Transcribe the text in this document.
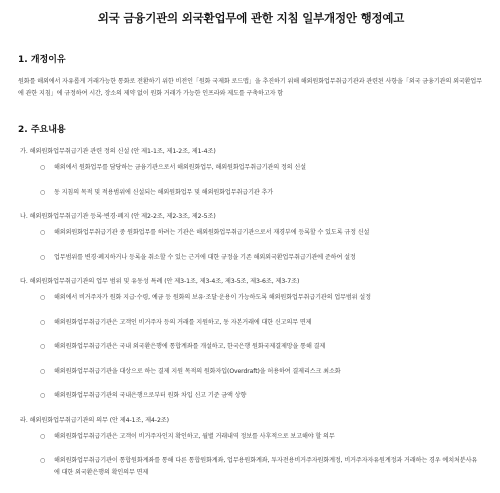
외국 금융기관의 외국환업무에 관한 지침 일부개정안 행정예고
1. 개정이유
원화를 해외에서 자유롭게 거래가능한 통화로 전환하기 위한 비전인「원화 국제화 로드맵」을 추진하기 위해 해외원화업무취급기관과 관련된 사항을「외국 금융기관의 외국환업무에 관한 지침」에 규정하여 시간, 장소의 제약 없이 원화 거래가 가능한 인프라와 제도를 구축하고자 함
2. 주요내용
가. 해외원화업무취급기관 관련 정의 신설 (안 제1-1조, 제1-2조, 제1-4조)
○ 해외에서 원화업무를 담당하는 금융기관으로서 해외원화업무, 해외원화업무취급기관의 정의 신설
○ 동 지침의 목적 및 적용범위에 신설되는 해외원화업무 및 해외원화업무취급기관 추가
나. 해외원화업무취급기관 등록·변경·폐지 (안 제2-2조, 제2-3조, 제2-5조)
○ 해외외원화업무취급기관 중 원화업무를 하려는 기관은 해외원화업무취급기관으로서 재경부에 등록할 수 있도록 규정 신설
○ 업무범위를 변경·폐지하거나 등록을 취소할 수 있는 근거에 대한 규정을 기존 해외외국환업무취급기관에 준하여 설정
다. 해외원화업무취급기관의 업무 범위 및 유동성 특례 (안 제3-1조, 제3-4조, 제3-5조, 제3-6조, 제3-7조)
○ 해외에서 비거주자가 원화 지급·수령, 예금 등 원화의 보유·조달·운용이 가능하도록 해외원화업무취급기관의 업무범위 설정
○ 해외원화업무취급기관은 고객인 비거주자 등의 거래를 지원하고, 동 자본거래에 대한 신고의무 면제
○ 해외원화업무취급기관은 국내 외국환은행에 통합계좌를 개설하고, 한국은행 원화국제결제망을 통해 결제
○ 해외원화업무취급기관을 대상으로 하는 결제 지원 목적의 원화자입(Overdraft)을 허용하여 결제리스크 최소화
○ 해외원화업무취급기관의 국내은행으로부터 원화 차입 신고 기준 금액 상향
라. 해외원화업무취급기관의 의무 (안 제4-1조, 제4-2조)
○ 해외원화업무취급기관은 고객이 비거주자인지 확인하고, 월별 거래내역 정보를 사후적으로 보고해야 할 의무
○ 해외원화업무취급기관이 통합원화계좌를 통해 다른 통합원화계좌, 업무용원화계좌, 투자전용비거주자원화계정, 비거주자자유원계정과 거래하는 경우 예치처분사유에 대한 외국환은행의 확인의무 면제
